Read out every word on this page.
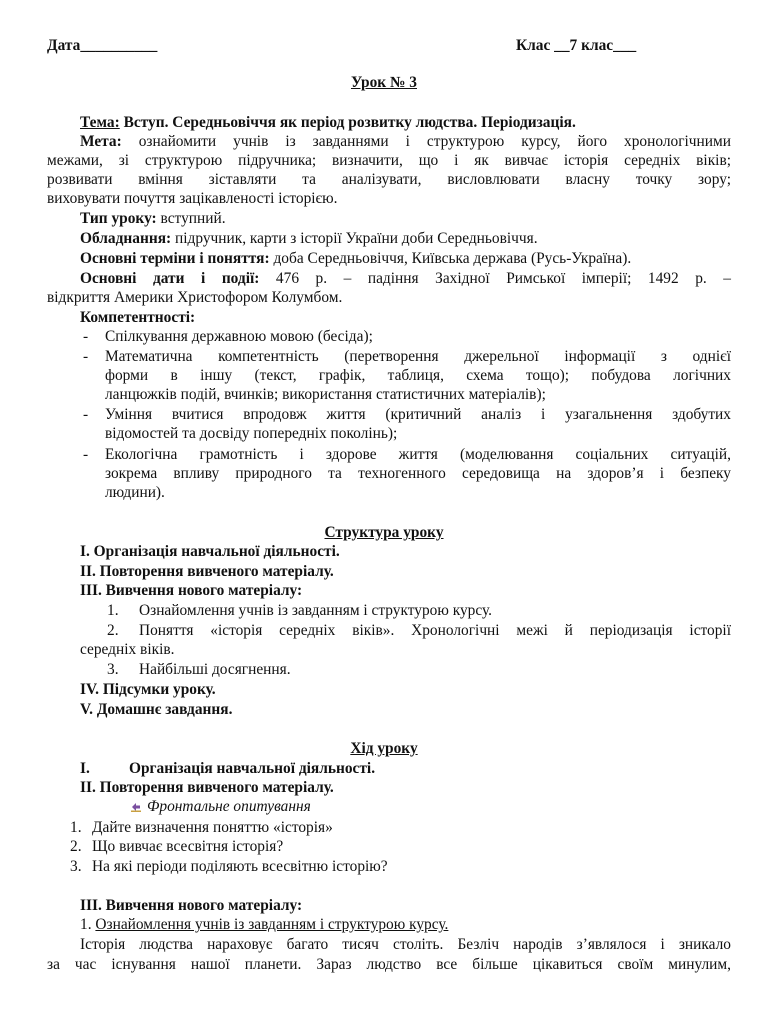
Дата__________	Клас __7 клас___
Урок № 3
Тема: Вступ. Середньовіччя як період розвитку людства. Періодизація.
Мета: ознайомити учнів із завданнями і структурою курсу, його хронологічними
межами, зі структурою підручника; визначити, що і як вивчає історія середніх віків;
розвивати вміння зіставляти та аналізувати, висловлювати власну точку зору;
виховувати почуття зацікавленості історією.
Тип уроку: вступний.
Обладнання: підручник, карти з історії України доби Середньовіччя.
Основні терміни і поняття: доба Середньовіччя, Київська держава (Русь-Україна).
Основні дати і події: 476 р. – падіння Західної Римської імперії; 1492 р. –
відкриття Америки Христофором Колумбом.
Компетентності:
- Спілкування державною мовою (бесіда);
- Математична компетентність (перетворення джерельної інформації з однієї
форми в іншу (текст, графік, таблиця, схема тощо); побудова логічних
ланцюжків подій, вчинків; використання статистичних матеріалів);
- Уміння вчитися впродовж життя (критичний аналіз і узагальнення здобутих
відомостей та досвіду попередніх поколінь);
- Екологічна грамотність і здорове життя (моделювання соціальних ситуацій,
зокрема впливу природного та техногенного середовища на здоров’я і безпеку
людини).
Структура уроку
I. Організація навчальної діяльності.
II. Повторення вивченого матеріалу.
III. Вивчення нового матеріалу:
1. Ознайомлення учнів із завданням і структурою курсу.
2. Поняття «історія середніх віків». Хронологічні межі й періодизація історії
середніх віків.
3. Найбільші досягнення.
IV. Підсумки уроку.
V. Домашнє завдання.
Хід уроку
I.	Організація навчальної діяльності.
II. Повторення вивченого матеріалу.
Фронтальне опитування
1. Дайте визначення поняттю «історія»
2. Що вивчає всесвітня історія?
3. На які періоди поділяють всесвітню історію?
III. Вивчення нового матеріалу:
1. Ознайомлення учнів із завданням і структурою курсу.
Історія людства нараховує багато тисяч століть. Безліч народів з’являлося і зникало
за час існування нашої планети. Зараз людство все більше цікавиться своїм минулим,
